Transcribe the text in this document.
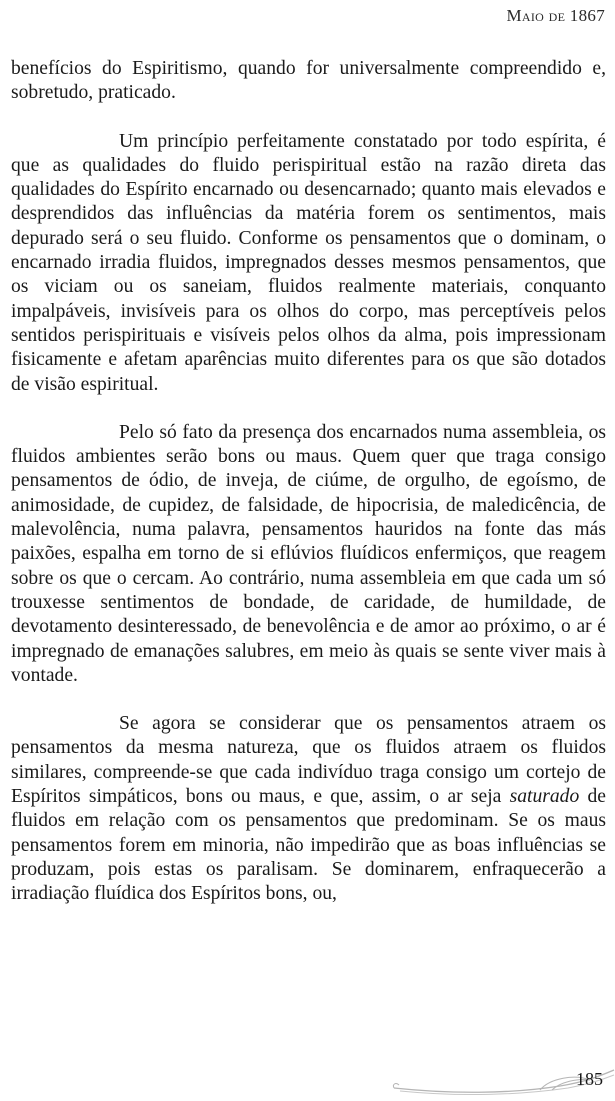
Maio de 1867

benefícios do Espiritismo, quando for universalmente compreendido e, sobretudo, praticado.

Um princípio perfeitamente constatado por todo espírita, é que as qualidades do fluido perispiritual estão na razão direta das qualidades do Espírito encarnado ou desencarnado; quanto mais elevados e desprendidos das influências da matéria forem os sentimentos, mais depurado será o seu fluido. Conforme os pensamentos que o dominam, o encarnado irradia fluidos, impregnados desses mesmos pensamentos, que os viciam ou os saneiam, fluidos realmente materiais, conquanto impalpáveis, invisíveis para os olhos do corpo, mas perceptíveis pelos sentidos perispirituais e visíveis pelos olhos da alma, pois impressionam fisicamente e afetam aparências muito diferentes para os que são dotados de visão espiritual.

Pelo só fato da presença dos encarnados numa assembleia, os fluidos ambientes serão bons ou maus. Quem quer que traga consigo pensamentos de ódio, de inveja, de ciúme, de orgulho, de egoísmo, de animosidade, de cupidez, de falsidade, de hipocrisia, de maledicência, de malevolência, numa palavra, pensamentos hauridos na fonte das más paixões, espalha em torno de si eflúvios fluídicos enfermiços, que reagem sobre os que o cercam. Ao contrário, numa assembleia em que cada um só trouxesse sentimentos de bondade, de caridade, de humildade, de devotamento desinteressado, de benevolência e de amor ao próximo, o ar é impregnado de emanações salubres, em meio às quais se sente viver mais à vontade.

Se agora se considerar que os pensamentos atraem os pensamentos da mesma natureza, que os fluidos atraem os fluidos similares, compreende-se que cada indivíduo traga consigo um cortejo de Espíritos simpáticos, bons ou maus, e que, assim, o ar seja saturado de fluidos em relação com os pensamentos que predominam. Se os maus pensamentos forem em minoria, não impedirão que as boas influências se produzam, pois estas os paralisam. Se dominarem, enfraquecerão a irradiação fluídica dos Espíritos bons, ou,

185
